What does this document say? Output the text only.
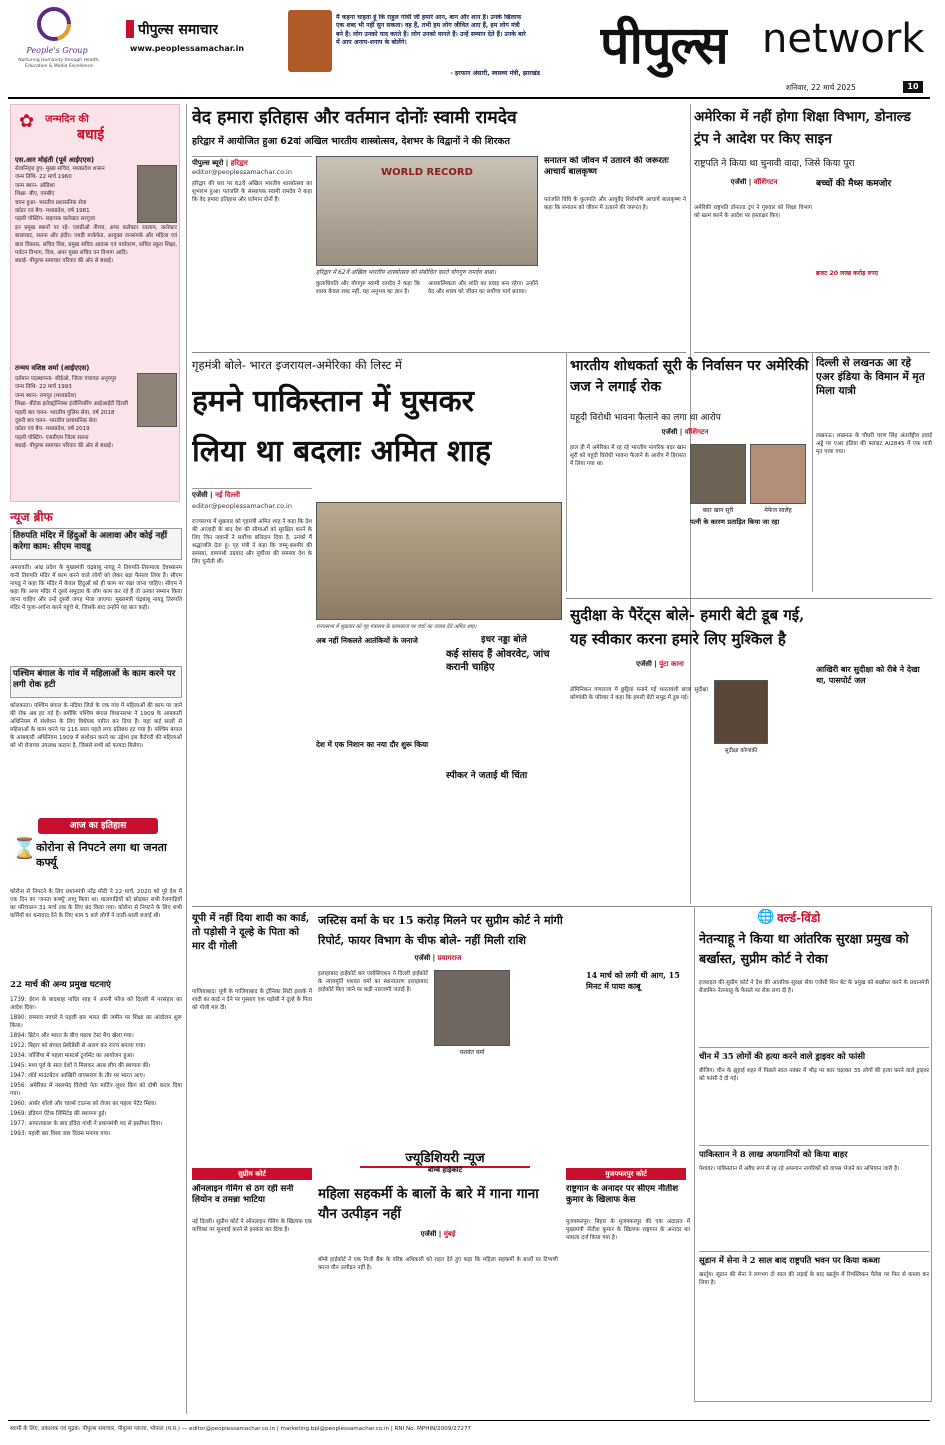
People's Group
Nurturing Humanity through Health, Education & Media Excellence
पीपुल्स समाचार
www.peoplessamachar.in
मैं कहना चाहता हूं कि राहुल गांधी जी हमारे आन, बान और शान हैं। उनके खिलाफ एक शब्द भी नहीं सुन सकता। वह हैं, तभी हम लोग जीवित आए हैं, हम लोग मंत्री बने हैं। लोग उनको याद करते हैं। लोग उनको मानते हैं। उन्हें सम्मान देते हैं। उनके बारे में आप अनाप-शनाप के बोलेंगे।
- इरफान अंसारी, स्वास्थ्य मंत्री, झारखंड पीपुल्स network
शनिवार, 22 मार्च 2025	10
जन्मदिन की
बधाई
✿
एस.आर मोहंती (पूर्व आईएएस)
सेवानिवृत्त हुए- मुख्य सचिव, मध्यप्रदेश शासन
जन्म तिथि- 22 मार्च 1960
जन्म स्थान- ओडिशा
शिक्षा- बीए, एमबीए
चयन हुआ- भारतीय प्रशासनिक सेवा
कॉडर एवं बैच- मध्यप्रदेश, वर्ष 1981
पहली पोस्टिंग- सहायक कलेक्टर सरगुजा
इन प्रमुख स्थानों पर रहे- एसडीओ नीमच, अपर कलेक्टर रतलाम, कलेक्टर बालाघाट, सतना और इंदौर। एमडी मार्कफेड, आयुक्त जनसंपर्क और महिला एवं बाल विकास, सचिव वित्त, प्रमुख सचिव आवास एवं पर्यावरण, सचिव स्कूल शिक्षा, पर्यटन विभाग, वित्त, अपर मुख्य सचिव वन विभाग आदि।
बधाई- पीपुल्स समाचार परिवार की ओर से बधाई।
तन्मय वशिष्ठ शर्मा (आईएएस)
वर्तमान पदस्थापना- सीईओ, जिला पंचायत अनूपपुर
जन्म तिथि- 22 मार्च 1993
जन्म स्थान- रामपुर (मध्यप्रदेश)
शिक्षा- बीटेक इलेक्ट्रॉनिक्स इंजीनियरिंग आईआईटी दिल्ली
पहली बार चयन- भारतीय पुलिस सेवा, वर्ष 2018
दूसरी बार चयन- भारतीय प्रशासनिक सेवा
कॉडर एवं बैच- मध्यप्रदेश, वर्ष 2019
पहली पोस्टिंग- एसडीएम जिला सतना
बधाई- पीपुल्स समाचार परिवार की ओर से बधाई।
न्यूज ब्रीफ
तिरुपति मंदिर में हिंदुओं के अलावा और कोई नहीं करेगा काम: सीएम नायडू
अमरावती। आंध्र प्रदेश के मुख्यमंत्री चंद्रबाबू नायडू ने तिरुपति-तिरुमाला देवस्थानम यानी तिरुपति मंदिर में काम करने वाले लोगों को लेकर बड़ा फैसला लिया है। सीएम नायडू ने कहा कि मंदिर में केवल हिंदुओं को ही काम पर रखा जाना चाहिए। सीएम ने कहा कि अगर मंदिर में दूसरे समुदाय के लोग काम कर रहे हैं तो उनका सम्मान किया जाना चाहिए और उन्हें दूसरी जगह भेजा जाएगा। मुख्यमंत्री चंद्रबाबू नायडू तिरुपति मंदिर में पूजा-अर्चना करने पहुंचे थे, जिसके बाद उन्होंने यह बात कही।
पश्चिम बंगाल के गांव में महिलाओं के काम करने पर लगी रोक हटी
कोलकाता। पश्चिम बंगाल के नदिया जिले के एक गांव में महिलाओं की काम पर जाने की रोक अब हट गई है। क्योंकि पश्चिम बंगाल विधानसभा ने 1909 के आबकारी अधिनियम में संशोधन के लिए विधेयक पारित कर दिया है। यहां कई सालों से महिलाओं के काम करने पर 116 साल पहले लगा प्रतिबंध हट गया है। पश्चिम बंगाल के आबकारी अधिनियम 1909 में संशोधन करने का उद्देश्य इस कैटेगरी की महिलाओं को भी रोजगार उपलब्ध कराना है, जिससे सभी को फायदा मिलेगा।
आज का इतिहास
⌛ कोरोना से निपटने लगा था जनता कर्फ्यू
कोरोना से निपटने के लिए प्रधानमंत्री नरेंद्र मोदी ने 22 मार्च, 2020 को पूरे देश में एक दिन का 'जनता कर्फ्यू' लागू किया था। मालगाड़ियों को छोड़कर सभी रेलगाड़ियों का परिचालन 31 मार्च तक के लिए बंद किया गया। कोरोना से निपटने के लिए सभी कर्मियों का धन्यवाद देने के लिए शाम 5 बजे लोगों ने ताली-थाली बजाई थी।
22 मार्च की अन्य प्रमुख घटनाएं
1739: ईरान के बादशाह नादिर शाह ने अपनी फौज को दिल्ली में नरसंहार का आदेश दिया।
1890: रामराव नवघरे ने पहली बार भारत की जमीन पर शिक्षा का आंदोलन शुरू किया।
1894: ब्रिटेन और भारत के बीच पहला टेस्ट मैच खेला गया।
1912: बिहार को बंगाल प्रेसीडेंसी से अलग कर राज्य बनाया गया।
1934: जॉर्जिया में पहला मास्टर्स टूर्नामेंट का आयोजन हुआ।
1945: मध्य पूर्व के सात देशों ने मिलकर अरब लीग की स्थापना की।
1947: लॉर्ड माउंटबेटन आखिरी वायसराय के तौर पर भारत आए।
1956: अमेरिका में नस्लभेद विरोधी नेता मार्टिन लूथर किंग को दोषी करार दिया गया।
1960: आर्थर शॉलो और चार्ल्स टाउन्स को लेजर का पहला पेटेंट मिला।
1969: इंडियन ऐंटेक लिमिटेड की स्थापना हुई।
1977: आपातकाल के बाद इंदिरा गांधी ने प्रधानमंत्री पद से इस्तीफा दिया।
1993: पहली बार विश्व जल दिवस मनाया गया।
वेद हमारा इतिहास और वर्तमान दोनोंः स्वामी रामदेव
हरिद्वार में आयोजित हुआ 62वां अखिल भारतीय शास्त्रोत्सव, देशभर के विद्वानों ने की शिरकत
पीपुल्स ब्यूरो | हरिद्वार
editor@peoplessamachar.co.in
हरिद्वार की धरा पर 62वें अखिल भारतीय शास्त्रोत्सव का शुभारंभ हुआ। पतंजलि के संस्थापक स्वामी रामदेव ने कहा कि वेद हमारा इतिहास और वर्तमान दोनों हैं।
WORLD RECORD
हरिद्वार में 62वें अखिल भारतीय शास्त्रोत्सव को संबोधित करते योगगुरु रामदेव बाबा।
कुलाधिपति और योगगुरु स्वामी रामदेव ने कहा कि शास्त्र केवल शब्द नहीं, यह अनुभव का ज्ञान है।
आध्यात्मिकता और शांति का प्रवाह बना रहेगा। उन्होंने वेद और शास्त्र को जीवन का सर्वोच्च मार्ग बताया।
सनातन को जीवन में उतारने की जरूरतः आचार्य बालकृष्ण
पतंजलि विवि के कुलपति और आयुर्वेद शिरोमणि आचार्य बालकृष्ण ने कहा कि सनातन को जीवन में उतारने की जरूरत है।
गृहमंत्री बोले- भारत इजरायल-अमेरिका की लिस्ट में
हमने पाकिस्तान में घुसकर
लिया था बदलाः अमित शाह
एजेंसी | नई दिल्ली
editor@peoplessamachar.co.in
राज्यसभा में शुक्रवार को गृहमंत्री अमित शाह ने कहा कि देश की आजादी के बाद देश की सीमाओं को सुरक्षित करने के लिए जिन जवानों ने सर्वोच्च बलिदान दिया है, उनको मैं श्रद्धांजलि देता हूं। गृह मंत्री ने कहा कि जम्मू-कश्मीर की समस्या, वामपंथी उग्रवाद और पूर्वोत्तर की समस्या देश के लिए चुनौती थीं।
राज्यसभा में शुक्रवार को गृह मंत्रालय के कामकाज पर चर्चा का जवाब देते अमित शाह।
अब नहीं निकलते आतंकियों के जनाजे
देश में एक निशान का नया दौर शुरू किया
इधर नड्डा बोले
कई सांसद हैं ओवरवेट, जांच करानी चाहिए
स्पीकर ने जताई थी चिंता
भारतीय शोधकर्ता सूरी के निर्वासन पर अमेरिकी जज ने लगाई रोक
यहूदी विरोधी भावना फैलाने का लगा था आरोप
एजेंसी | वॉशिंगटन
हाल ही में अमेरिका में रह रहे भारतीय नागरिक बदर खान सूरी को यहूदी विरोधी भावना फैलाने के आरोप में हिरासत में लिया गया था।
बदर खान सूरी	मेफेज सालेह
पत्नी के कारण प्रताड़ित किया जा रहा
अमेरिका में नहीं होगा शिक्षा विभाग, डोनाल्ड ट्रंप ने आदेश पर किए साइन
राष्ट्रपति ने किया था चुनावी वादा, जिसे किया पूरा
एजेंसी | वॉशिंगटन
अमेरिकी राष्ट्रपति डोनाल्ड ट्रंप ने गुरुवार को शिक्षा विभाग को खत्म करने के आदेश पर हस्ताक्षर किए।
बच्चों की मैथ्स कमजोर
ब्रजट 20 लाख करोड़ रुपए
दिल्ली से लखनऊ आ रहे एअर इंडिया के विमान में मृत मिला यात्री
लखनऊ। लखनऊ के चौधरी चरण सिंह अंतर्राष्ट्रीय हवाई अड्डे पर एअर इंडिया की फ्लाइट AI2845 में एक यात्री मृत पाया गया।
सुदीक्षा के पैरेंट्स बोले- हमारी बेटी डूब गई,
यह स्वीकार करना हमारे लिए मुश्किल है
एजेंसी | पुंटा काना
डोमिनिकन गणराज्य में छुट्टियां मनाने गई भारतवंशी छात्रा सुदीक्षा कोणांकी के परिवार ने कहा कि हमारी बेटी समुद्र में डूब गई।
सुदीक्षा कोणांकी
आखिरी बार सुदीक्षा को रीबे ने देखा था, पासपोर्ट जल
यूपी में नहीं दिया शादी का कार्ड, तो पड़ोसी ने दूल्हे के पिता को मार दी गोली
गाजियाबाद। यूपी के गाजियाबाद के ट्रॉनिका सिटी इलाके में शादी का कार्ड न देने पर गुस्साए एक पड़ोसी ने दूल्हे के पिता को गोली मार दी।
जस्टिस वर्मा के घर 15 करोड़ मिलने पर सुप्रीम कोर्ट ने मांगी
रिपोर्ट, फायर विभाग के चीफ बोले- नहीं मिली राशि
एजेंसी | प्रयागराज
इलाहाबाद हाईकोर्ट बार एसोसिएशन ने दिल्ली हाईकोर्ट के न्यायमूर्ति यशवंत वर्मा का स्थानांतरण इलाहाबाद हाईकोर्ट किए जाने पर कड़ी नाराजगी जताई है।
यशवंत वर्मा
14 मार्च को लगी थी आग, 15 मिनट में पाया काबू
ज्यूडिशियरी न्यूज
बॉम्बे हाईकोर्ट
सुप्रीम कोर्ट
ऑनलाइन गेमिंग से ठग रही सनी लियोन व तमन्ना भाटिया
नई दिल्ली। सुप्रीम कोर्ट ने ऑनलाइन गेमिंग के खिलाफ एक याचिका पर सुनवाई करने से इनकार कर दिया है।
महिला सहकर्मी के बालों के बारे में गाना गाना यौन उत्पीड़न नहीं
एजेंसी | मुंबई
बॉम्बे हाईकोर्ट ने एक निजी बैंक के वरिष्ठ अधिकारी को राहत देते हुए कहा कि महिला सहकर्मी के बालों पर टिप्पणी करना यौन उत्पीड़न नहीं है।
मुजफ्फरपुर कोर्ट
राष्ट्रगान के अनादर पर सीएम नीतीश कुमार के खिलाफ केस
मुजफ्फरपुर। बिहार के मुजफ्फरपुर की एक अदालत में मुख्यमंत्री नीतीश कुमार के खिलाफ राष्ट्रगान के अनादर का मामला दर्ज किया गया है।
🌐 वर्ल्ड-विंडो
नेतन्याहू ने किया था आंतरिक सुरक्षा प्रमुख को बर्खास्त, सुप्रीम कोर्ट ने रोका
इजराइल की सुप्रीम कोर्ट ने देश की आंतरिक सुरक्षा सेवा एजेंसी शिन बेट के प्रमुख को बर्खास्त करने के प्रधानमंत्री बेंजामिन नेतन्याहू के फैसले पर रोक लगा दी है।
चीन में 35 लोगों की हत्या करने वाले ड्राइवर को फांसी
बीजिंग। चीन के झुहाई शहर में पिछले साल नवंबर में भीड़ पर कार चढ़ाकर 35 लोगों की हत्या करने वाले ड्राइवर को फांसी दे दी गई।
पाकिस्तान ने 8 लाख अफगानियों को किया बाहर
पेशावर। पाकिस्तान में अवैध रूप से रह रहे अफगान नागरिकों को वापस भेजने का अभियान जारी है।
सूडान में सेना ने 2 साल बाद राष्ट्रपति भवन पर किया कब्जा
खार्तूम। सूडान की सेना ने लगभग दो साल की लड़ाई के बाद खार्तूम में रिपब्लिकन पैलेस पर फिर से कब्जा कर लिया है।
स्वामी के लिए, प्रकाशक एवं मुद्रक: पीपुल्स समाचार, पीपुल्स प्लाजा, भोपाल (म.प्र.) — editor@peoplessamachar.co.in | marketing.bpl@peoplessamachar.co.in | RNI No. MPHIN/2009/27277
